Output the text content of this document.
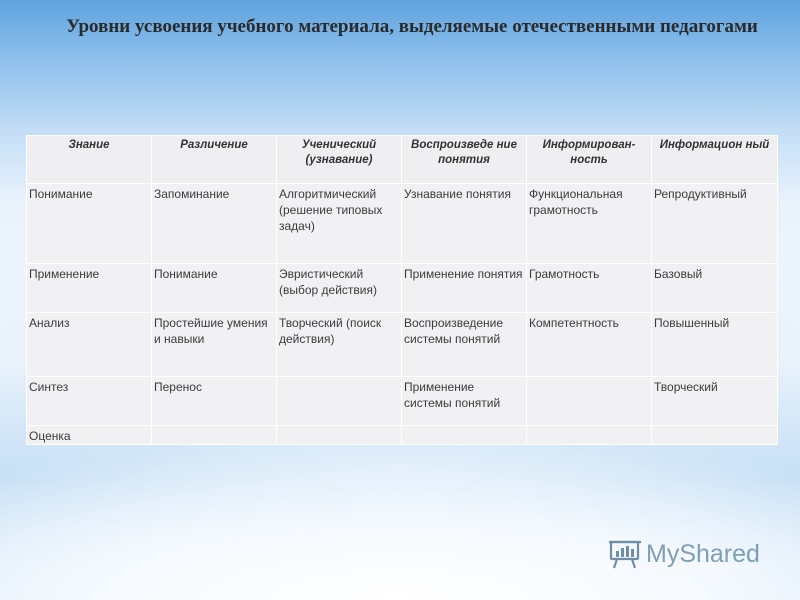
Уровни усвоения учебного материала, выделяемые отечественными педагогами
Знание	Различение	Ученический (узнавание)	Воспроизведе ние понятия	Информирован-ность	Информацион ный
Понимание	Запоминание	Алгоритмический (решение типовых задач)	Узнавание понятия	Функциональная грамотность	Репродуктивный
Применение	Понимание	Эвристический (выбор действия)	Применение понятия	Грамотность	Базовый
Анализ	Простейшие умения и навыки	Творческий (поиск действия)	Воспроизведение системы понятий	Компетентность	Повышенный
Синтез	Перенос		Применение системы понятий		Творческий
Оценка					
MyShared
